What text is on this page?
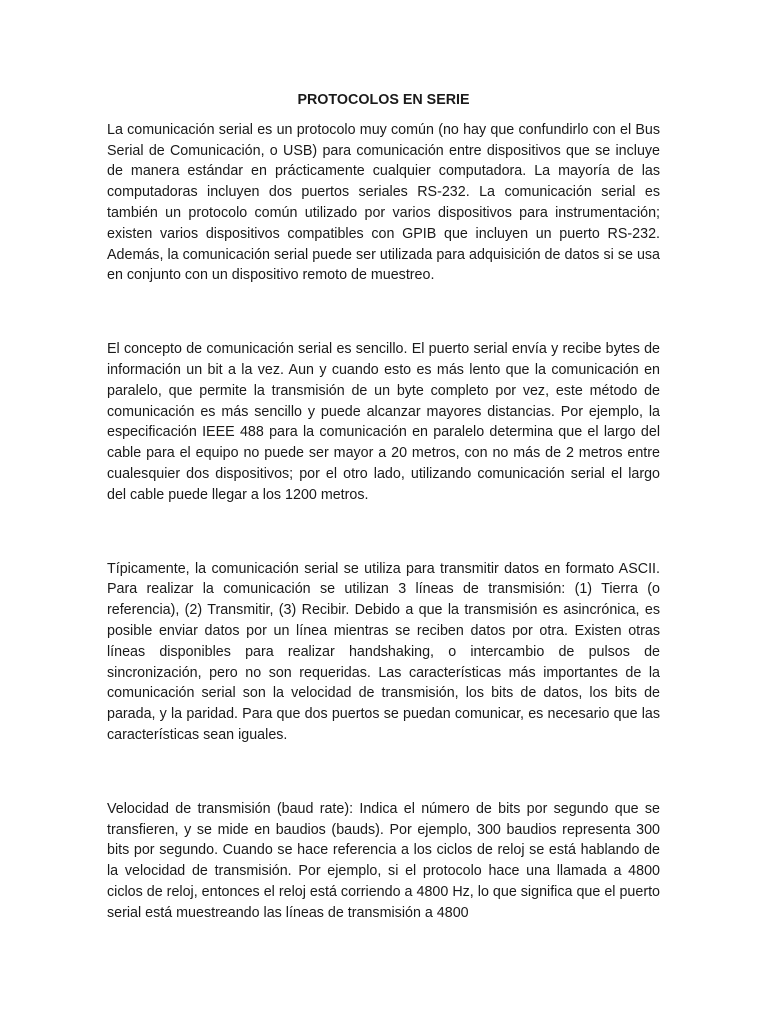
PROTOCOLOS EN SERIE

La comunicación serial es un protocolo muy común (no hay que confundirlo con el Bus Serial de Comunicación, o USB) para comunicación entre dispositivos que se incluye de manera estándar en prácticamente cualquier computadora. La mayoría de las computadoras incluyen dos puertos seriales RS-232. La comunicación serial es también un protocolo común utilizado por varios dispositivos para instrumentación; existen varios dispositivos compatibles con GPIB que incluyen un puerto RS-232. Además, la comunicación serial puede ser utilizada para adquisición de datos si se usa en conjunto con un dispositivo remoto de muestreo.

El concepto de comunicación serial es sencillo. El puerto serial envía y recibe bytes de información un bit a la vez. Aun y cuando esto es más lento que la comunicación en paralelo, que permite la transmisión de un byte completo por vez, este método de comunicación es más sencillo y puede alcanzar mayores distancias. Por ejemplo, la especificación IEEE 488 para la comunicación en paralelo determina que el largo del cable para el equipo no puede ser mayor a 20 metros, con no más de 2 metros entre cualesquier dos dispositivos; por el otro lado, utilizando comunicación serial el largo del cable puede llegar a los 1200 metros.

Típicamente, la comunicación serial se utiliza para transmitir datos en formato ASCII. Para realizar la comunicación se utilizan 3 líneas de transmisión: (1) Tierra (o referencia), (2) Transmitir, (3) Recibir. Debido a que la transmisión es asincrónica, es posible enviar datos por un línea mientras se reciben datos por otra. Existen otras líneas disponibles para realizar handshaking, o intercambio de pulsos de sincronización, pero no son requeridas. Las características más importantes de la comunicación serial son la velocidad de transmisión, los bits de datos, los bits de parada, y la paridad. Para que dos puertos se puedan comunicar, es necesario que las características sean iguales.

Velocidad de transmisión (baud rate): Indica el número de bits por segundo que se transfieren, y se mide en baudios (bauds). Por ejemplo, 300 baudios representa 300 bits por segundo. Cuando se hace referencia a los ciclos de reloj se está hablando de la velocidad de transmisión. Por ejemplo, si el protocolo hace una llamada a 4800 ciclos de reloj, entonces el reloj está corriendo a 4800 Hz, lo que significa que el puerto serial está muestreando las líneas de transmisión a 4800
